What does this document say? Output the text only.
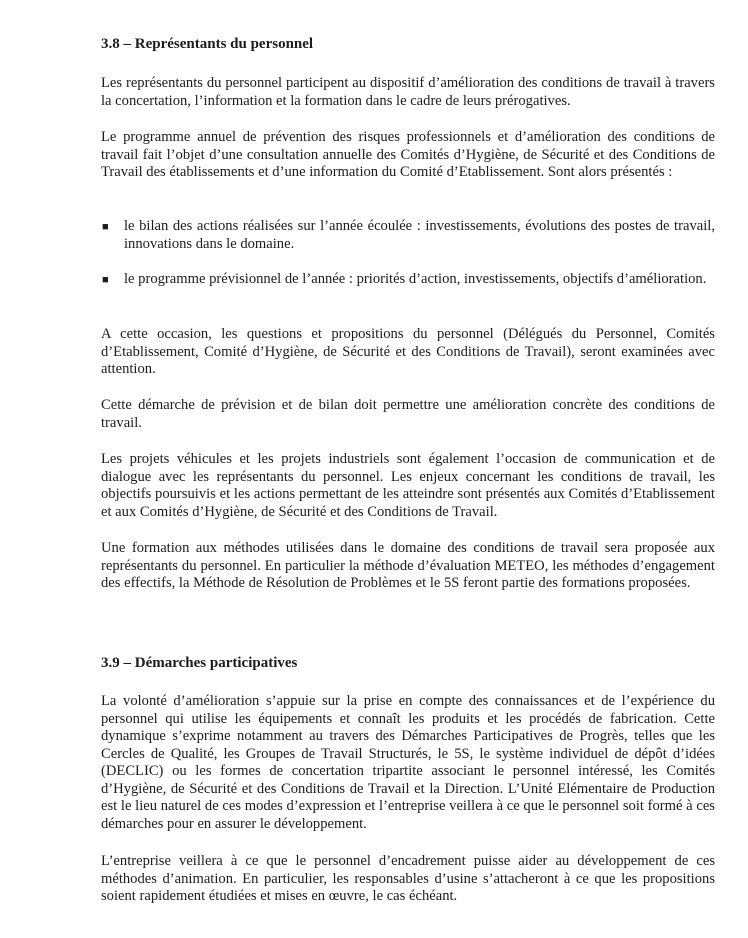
3.8 – Représentants du personnel

Les représentants du personnel participent au dispositif d’amélioration des conditions de travail à travers la concertation, l’information et la formation dans le cadre de leurs prérogatives.

Le programme annuel de prévention des risques professionnels et d’amélioration des conditions de travail fait l’objet d’une consultation annuelle des Comités d’Hygiène, de Sécurité et des Conditions de Travail des établissements et d’une information du Comité d’Etablissement. Sont alors présentés :

■	le bilan des actions réalisées sur l’année écoulée : investissements, évolutions des postes de travail, innovations dans le domaine.
■	le programme prévisionnel de l’année : priorités d’action, investissements, objectifs d’amélioration.

A cette occasion, les questions et propositions du personnel (Délégués du Personnel, Comités d’Etablissement, Comité d’Hygiène, de Sécurité et des Conditions de Travail), seront examinées avec attention.

Cette démarche de prévision et de bilan doit permettre une amélioration concrète des conditions de travail.

Les projets véhicules et les projets industriels sont également l’occasion de communication et de dialogue avec les représentants du personnel. Les enjeux concernant les conditions de travail, les objectifs poursuivis et les actions permettant de les atteindre sont présentés aux Comités d’Etablissement et aux Comités d’Hygiène, de Sécurité et des Conditions de Travail.

Une formation aux méthodes utilisées dans le domaine des conditions de travail sera proposée aux représentants du personnel. En particulier la méthode d’évaluation METEO, les méthodes d’engagement des effectifs, la Méthode de Résolution de Problèmes et le 5S feront partie des formations proposées.

3.9 – Démarches participatives

La volonté d’amélioration s’appuie sur la prise en compte des connaissances et de l’expérience du personnel qui utilise les équipements et connaît les produits et les procédés de fabrication. Cette dynamique s’exprime notamment au travers des Démarches Participatives de Progrès, telles que les Cercles de Qualité, les Groupes de Travail Structurés, le 5S, le système individuel de dépôt d’idées (DECLIC) ou les formes de concertation tripartite associant le personnel intéressé, les Comités d’Hygiène, de Sécurité et des Conditions de Travail et la Direction. L’Unité Elémentaire de Production est le lieu naturel de ces modes d’expression et l’entreprise veillera à ce que le personnel soit formé à ces démarches pour en assurer le développement.

L’entreprise veillera à ce que le personnel d’encadrement puisse aider au développement de ces méthodes d’animation. En particulier, les responsables d’usine s’attacheront à ce que les propositions soient rapidement étudiées et mises en œuvre, le cas échéant.
